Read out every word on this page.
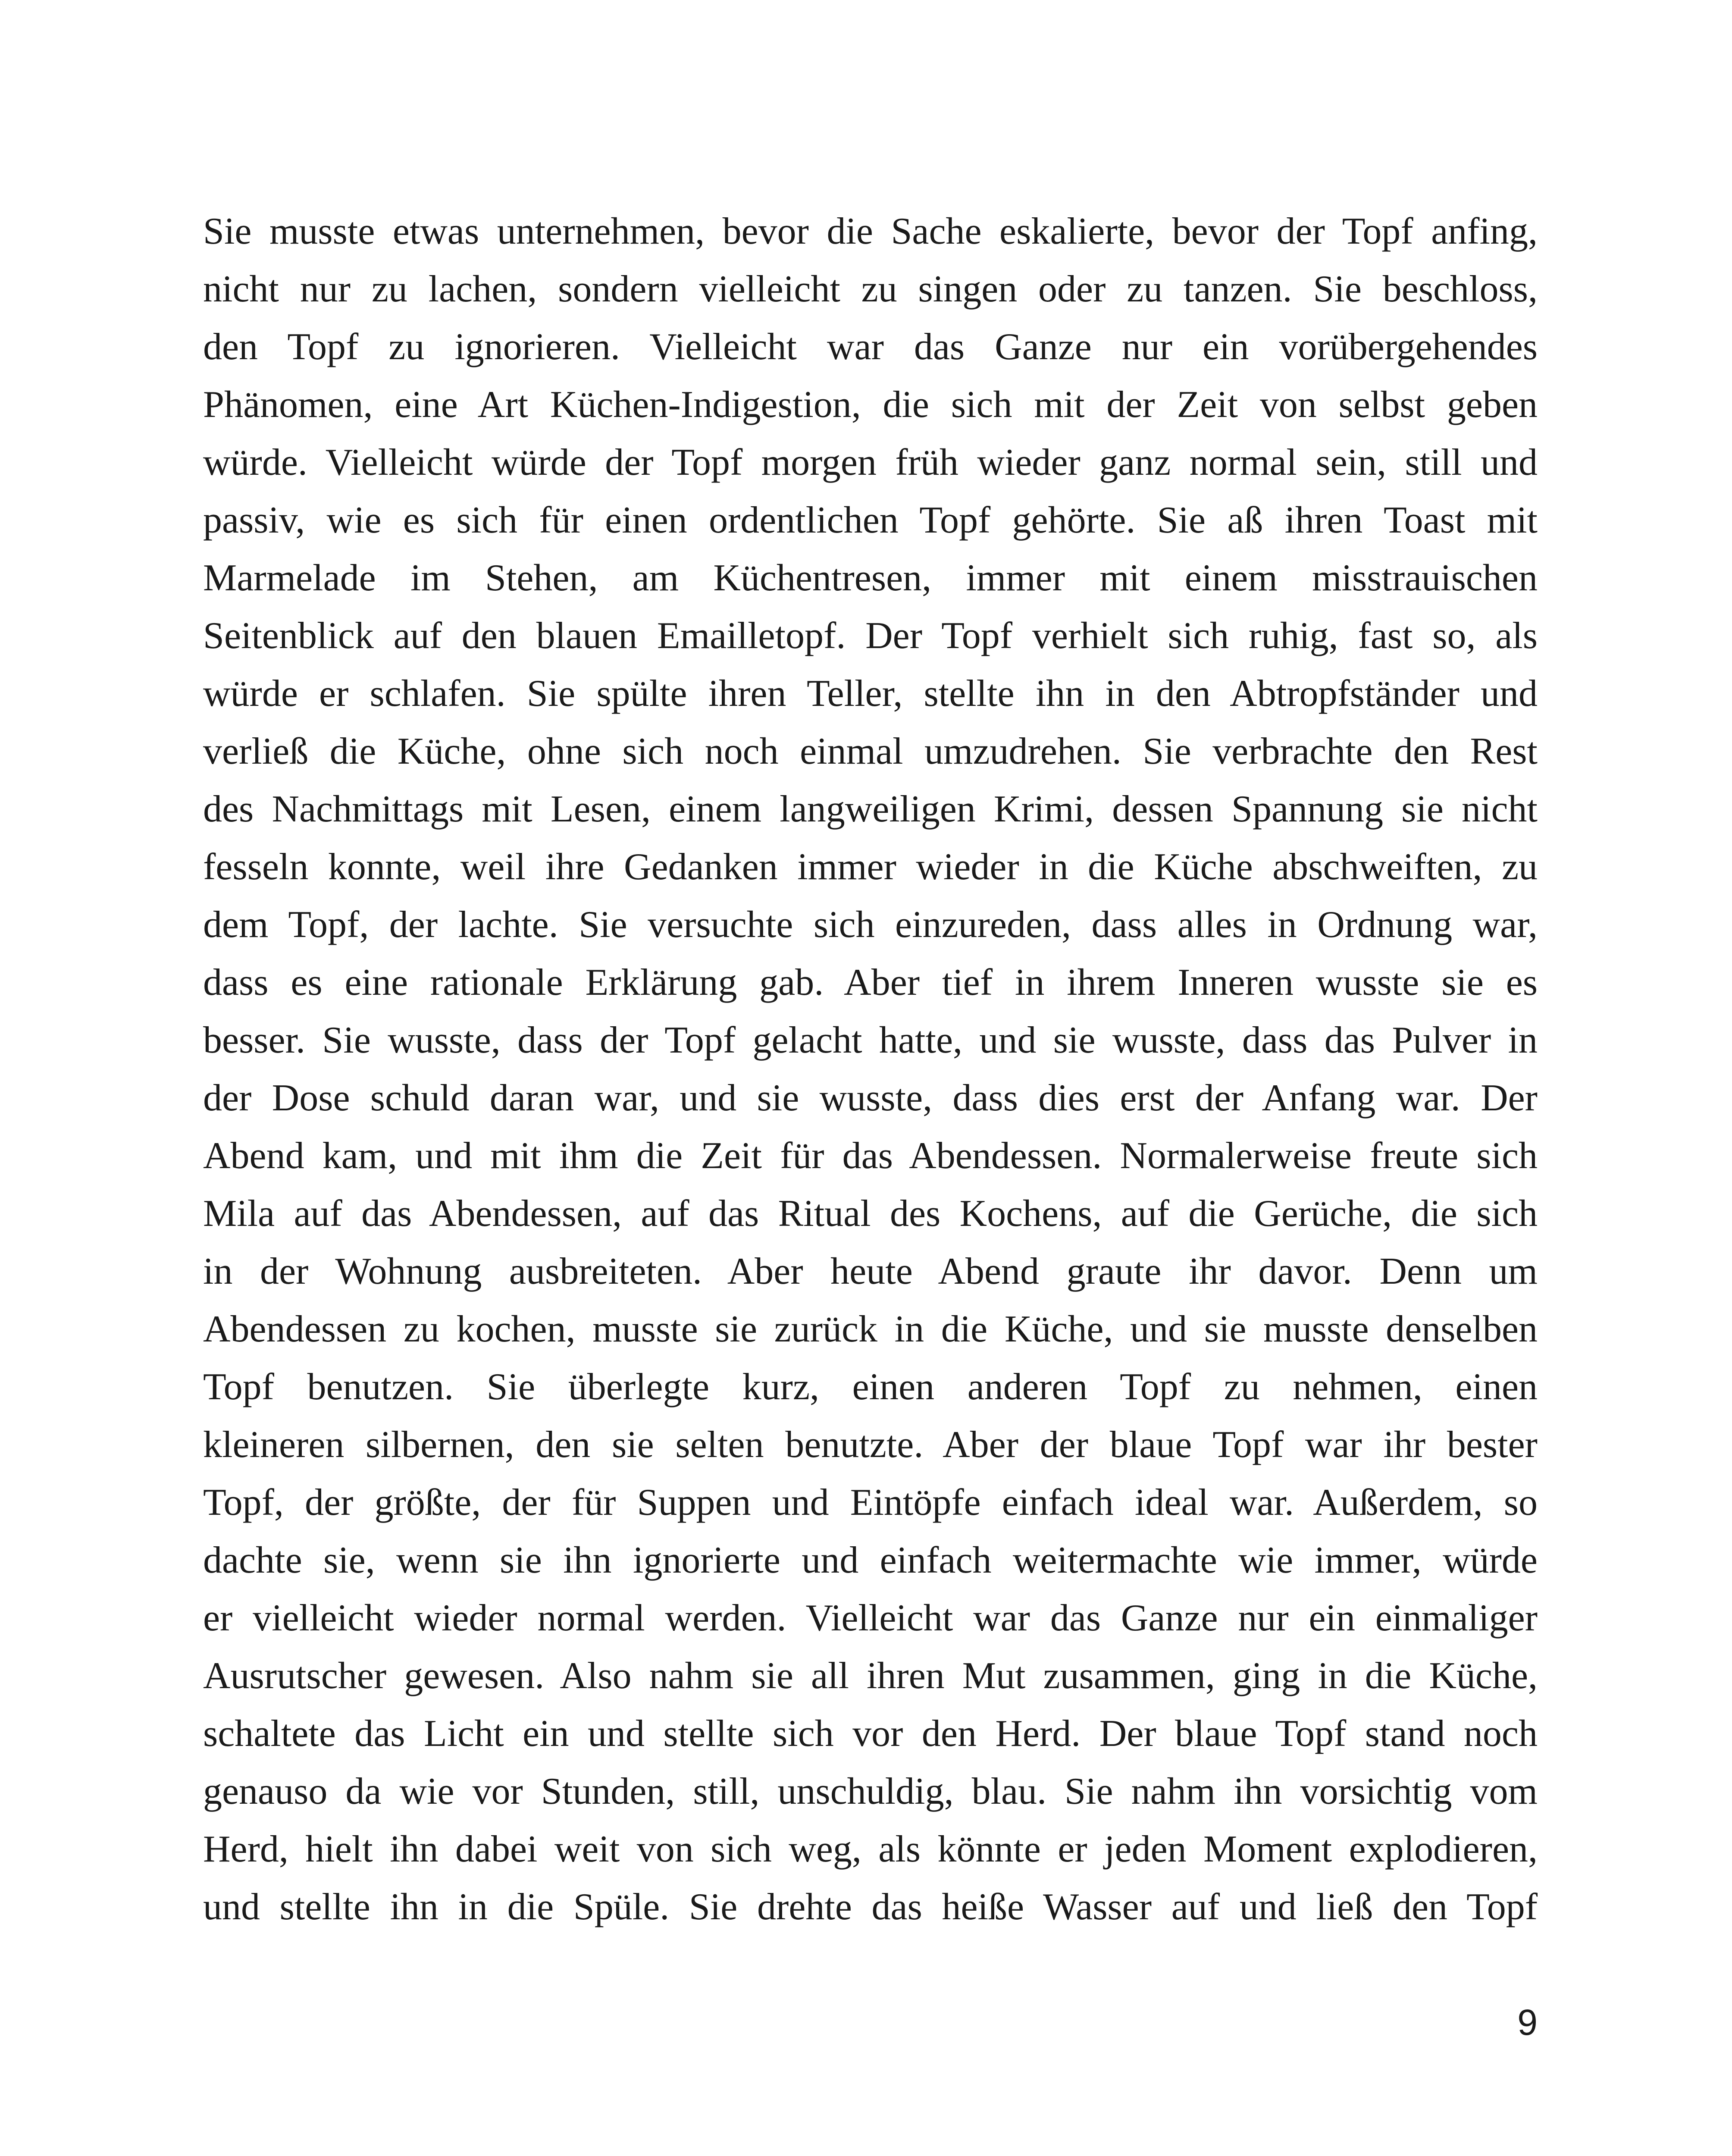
Sie musste etwas unternehmen, bevor die Sache eskalierte, bevor der Topf anfing,
nicht nur zu lachen, sondern vielleicht zu singen oder zu tanzen. Sie beschloss,
den Topf zu ignorieren. Vielleicht war das Ganze nur ein vorübergehendes
Phänomen, eine Art Küchen-Indigestion, die sich mit der Zeit von selbst geben
würde. Vielleicht würde der Topf morgen früh wieder ganz normal sein, still und
passiv, wie es sich für einen ordentlichen Topf gehörte. Sie aß ihren Toast mit
Marmelade im Stehen, am Küchentresen, immer mit einem misstrauischen
Seitenblick auf den blauen Emailletopf. Der Topf verhielt sich ruhig, fast so, als
würde er schlafen. Sie spülte ihren Teller, stellte ihn in den Abtropfständer und
verließ die Küche, ohne sich noch einmal umzudrehen. Sie verbrachte den Rest
des Nachmittags mit Lesen, einem langweiligen Krimi, dessen Spannung sie nicht
fesseln konnte, weil ihre Gedanken immer wieder in die Küche abschweiften, zu
dem Topf, der lachte. Sie versuchte sich einzureden, dass alles in Ordnung war,
dass es eine rationale Erklärung gab. Aber tief in ihrem Inneren wusste sie es
besser. Sie wusste, dass der Topf gelacht hatte, und sie wusste, dass das Pulver in
der Dose schuld daran war, und sie wusste, dass dies erst der Anfang war. Der
Abend kam, und mit ihm die Zeit für das Abendessen. Normalerweise freute sich
Mila auf das Abendessen, auf das Ritual des Kochens, auf die Gerüche, die sich
in der Wohnung ausbreiteten. Aber heute Abend graute ihr davor. Denn um
Abendessen zu kochen, musste sie zurück in die Küche, und sie musste denselben
Topf benutzen. Sie überlegte kurz, einen anderen Topf zu nehmen, einen
kleineren silbernen, den sie selten benutzte. Aber der blaue Topf war ihr bester
Topf, der größte, der für Suppen und Eintöpfe einfach ideal war. Außerdem, so
dachte sie, wenn sie ihn ignorierte und einfach weitermachte wie immer, würde
er vielleicht wieder normal werden. Vielleicht war das Ganze nur ein einmaliger
Ausrutscher gewesen. Also nahm sie all ihren Mut zusammen, ging in die Küche,
schaltete das Licht ein und stellte sich vor den Herd. Der blaue Topf stand noch
genauso da wie vor Stunden, still, unschuldig, blau. Sie nahm ihn vorsichtig vom
Herd, hielt ihn dabei weit von sich weg, als könnte er jeden Moment explodieren,
und stellte ihn in die Spüle. Sie drehte das heiße Wasser auf und ließ den Topf
9
